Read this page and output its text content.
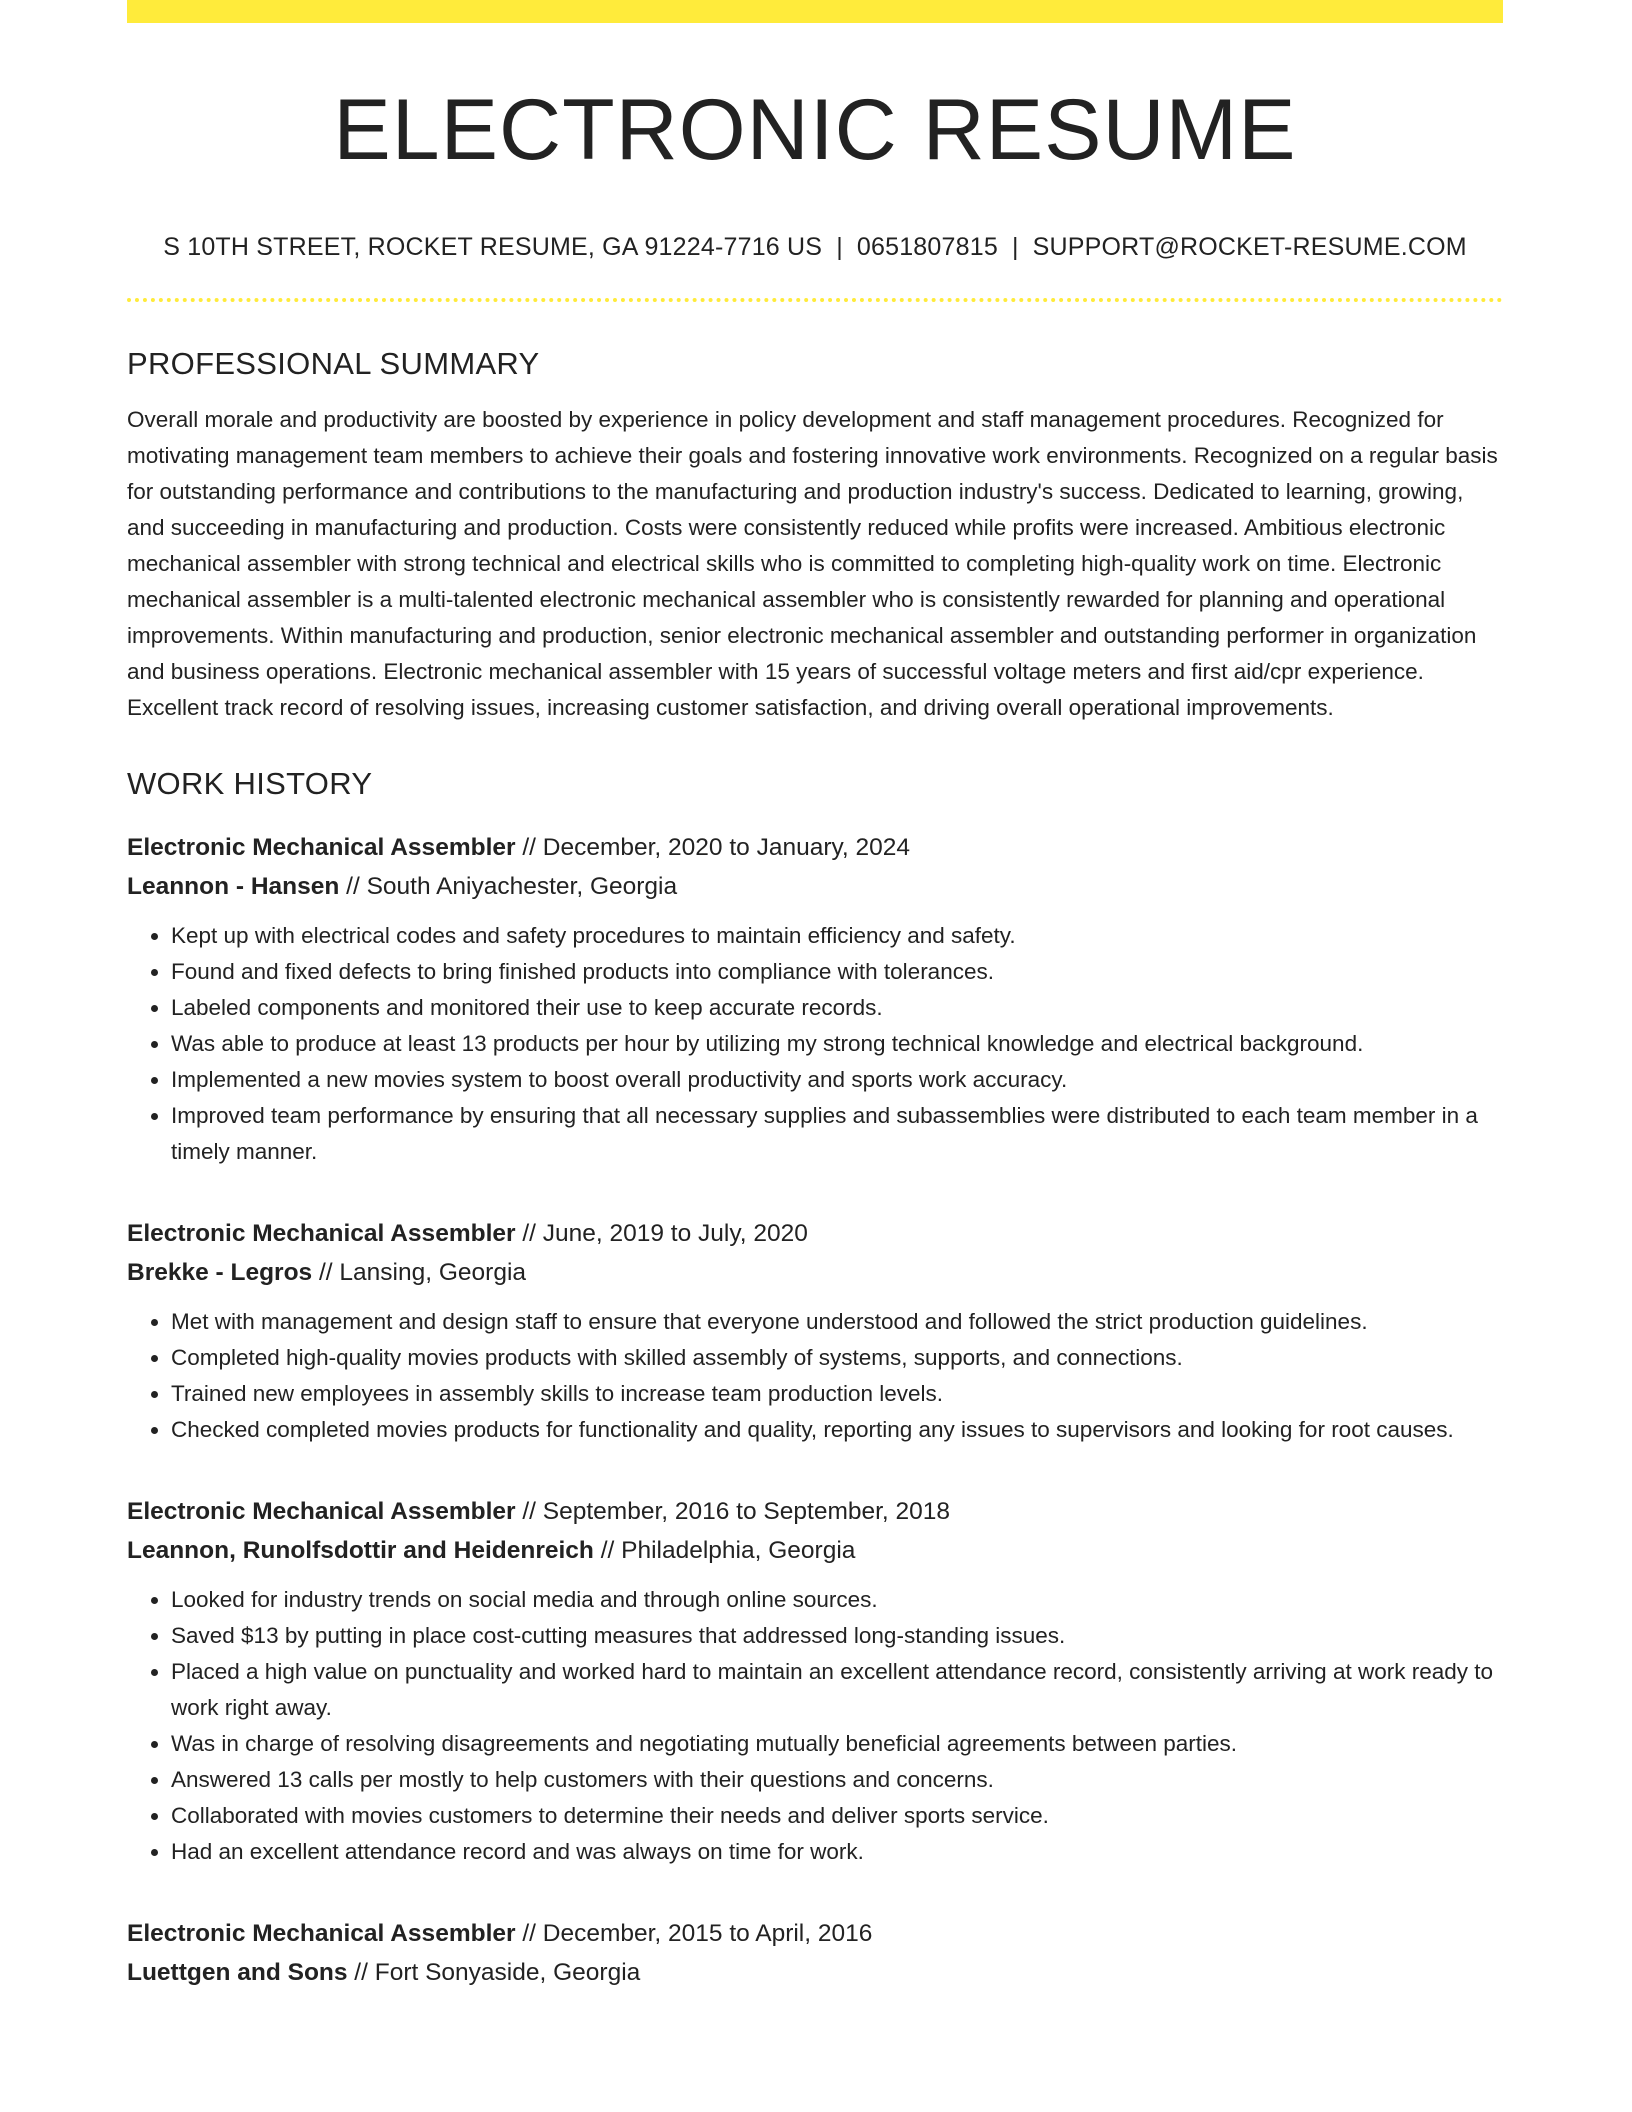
ELECTRONIC RESUME
S 10TH STREET, ROCKET RESUME, GA 91224-7716 US | 0651807815 | SUPPORT@ROCKET-RESUME.COM
PROFESSIONAL SUMMARY
Overall morale and productivity are boosted by experience in policy development and staff management procedures. Recognized for motivating management team members to achieve their goals and fostering innovative work environments. Recognized on a regular basis for outstanding performance and contributions to the manufacturing and production industry's success. Dedicated to learning, growing, and succeeding in manufacturing and production. Costs were consistently reduced while profits were increased. Ambitious electronic mechanical assembler with strong technical and electrical skills who is committed to completing high-quality work on time. Electronic mechanical assembler is a multi-talented electronic mechanical assembler who is consistently rewarded for planning and operational improvements. Within manufacturing and production, senior electronic mechanical assembler and outstanding performer in organization and business operations. Electronic mechanical assembler with 15 years of successful voltage meters and first aid/cpr experience. Excellent track record of resolving issues, increasing customer satisfaction, and driving overall operational improvements.
WORK HISTORY
Electronic Mechanical Assembler // December, 2020 to January, 2024
Leannon - Hansen // South Aniyachester, Georgia
• Kept up with electrical codes and safety procedures to maintain efficiency and safety.
• Found and fixed defects to bring finished products into compliance with tolerances.
• Labeled components and monitored their use to keep accurate records.
• Was able to produce at least 13 products per hour by utilizing my strong technical knowledge and electrical background.
• Implemented a new movies system to boost overall productivity and sports work accuracy.
• Improved team performance by ensuring that all necessary supplies and subassemblies were distributed to each team member in a timely manner.
Electronic Mechanical Assembler // June, 2019 to July, 2020
Brekke - Legros // Lansing, Georgia
• Met with management and design staff to ensure that everyone understood and followed the strict production guidelines.
• Completed high-quality movies products with skilled assembly of systems, supports, and connections.
• Trained new employees in assembly skills to increase team production levels.
• Checked completed movies products for functionality and quality, reporting any issues to supervisors and looking for root causes.
Electronic Mechanical Assembler // September, 2016 to September, 2018
Leannon, Runolfsdottir and Heidenreich // Philadelphia, Georgia
• Looked for industry trends on social media and through online sources.
• Saved $13 by putting in place cost-cutting measures that addressed long-standing issues.
• Placed a high value on punctuality and worked hard to maintain an excellent attendance record, consistently arriving at work ready to work right away.
• Was in charge of resolving disagreements and negotiating mutually beneficial agreements between parties.
• Answered 13 calls per mostly to help customers with their questions and concerns.
• Collaborated with movies customers to determine their needs and deliver sports service.
• Had an excellent attendance record and was always on time for work.
Electronic Mechanical Assembler // December, 2015 to April, 2016
Luettgen and Sons // Fort Sonyaside, Georgia
